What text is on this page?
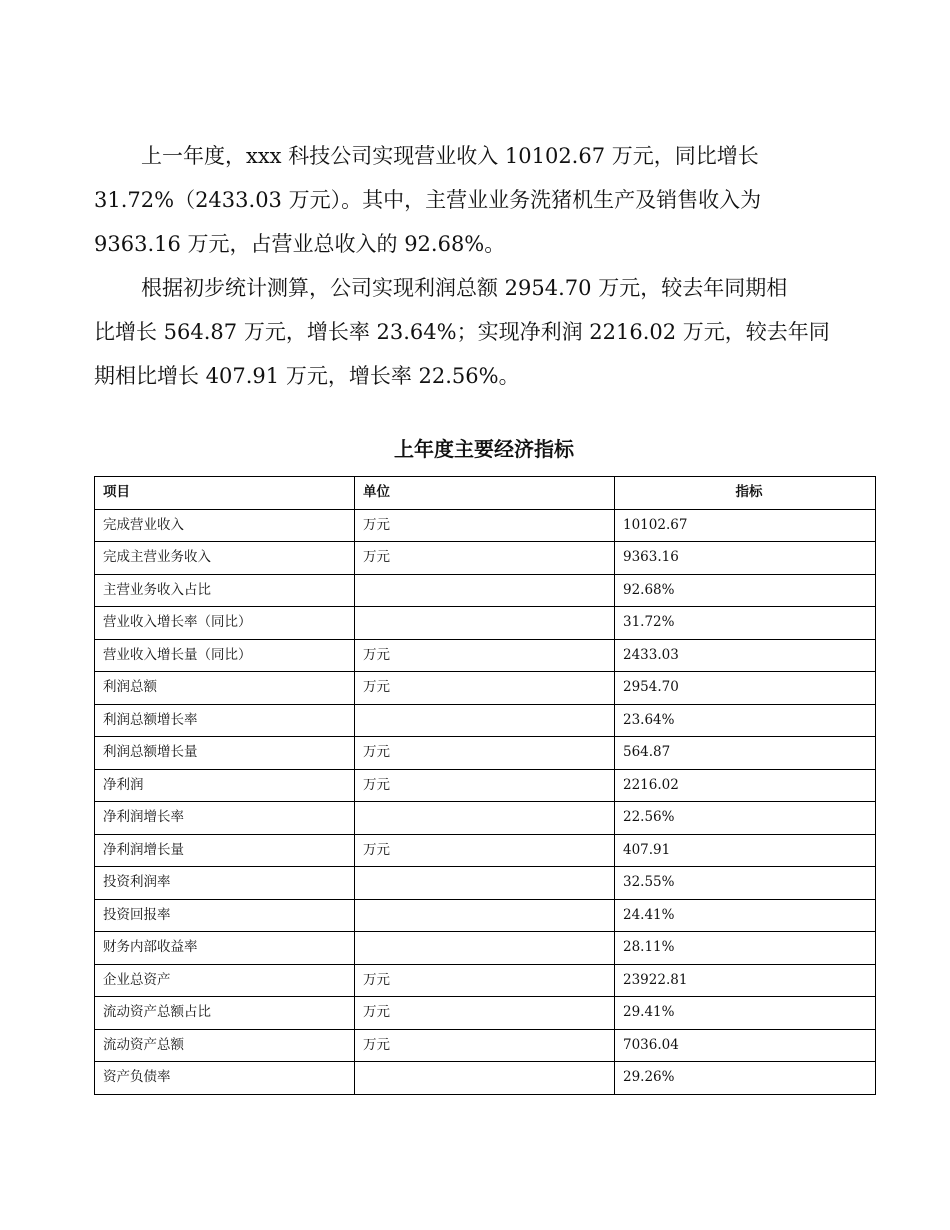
上一年度，xxx 科技公司实现营业收入 10102.67 万元，同比增长
31.72%（2433.03 万元）。其中，主营业业务洗猪机生产及销售收入为
9363.16 万元，占营业总收入的 92.68%。

根据初步统计测算，公司实现利润总额 2954.70 万元，较去年同期相
比增长 564.87 万元，增长率 23.64%；实现净利润 2216.02 万元，较去年同
期相比增长 407.91 万元，增长率 22.56%。

上年度主要经济指标
项目	单位	指标
完成营业收入	万元	10102.67
完成主营业务收入	万元	9363.16
主营业务收入占比		92.68%
营业收入增长率（同比）		31.72%
营业收入增长量（同比）	万元	2433.03
利润总额	万元	2954.70
利润总额增长率		23.64%
利润总额增长量	万元	564.87
净利润	万元	2216.02
净利润增长率		22.56%
净利润增长量	万元	407.91
投资利润率		32.55%
投资回报率		24.41%
财务内部收益率		28.11%
企业总资产	万元	23922.81
流动资产总额占比	万元	29.41%
流动资产总额	万元	7036.04
资产负债率		29.26%
